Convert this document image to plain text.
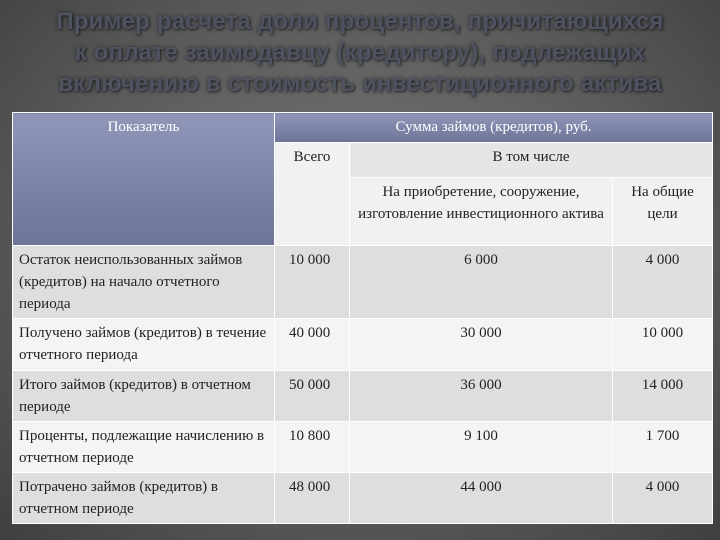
Пример расчета доли процентов, причитающихся
к оплате заимодавцу (кредитору), подлежащих
включению в стоимость инвестиционного актива
Показатель	Сумма займов (кредитов), руб.		
	Всего	В том числе	
		На приобретение, сооружение, изготовление инвестиционного актива	На общие цели
Остаток неиспользованных займов (кредитов) на начало отчетного периода	10 000	6 000	4 000
Получено займов (кредитов) в течение отчетного периода	40 000	30 000	10 000
Итого займов (кредитов) в отчетном периоде	50 000	36 000	14 000
Проценты, подлежащие начислению в отчетном периоде	10 800	9 100	1 700
Потрачено займов (кредитов) в отчетном периоде	48 000	44 000	4 000
